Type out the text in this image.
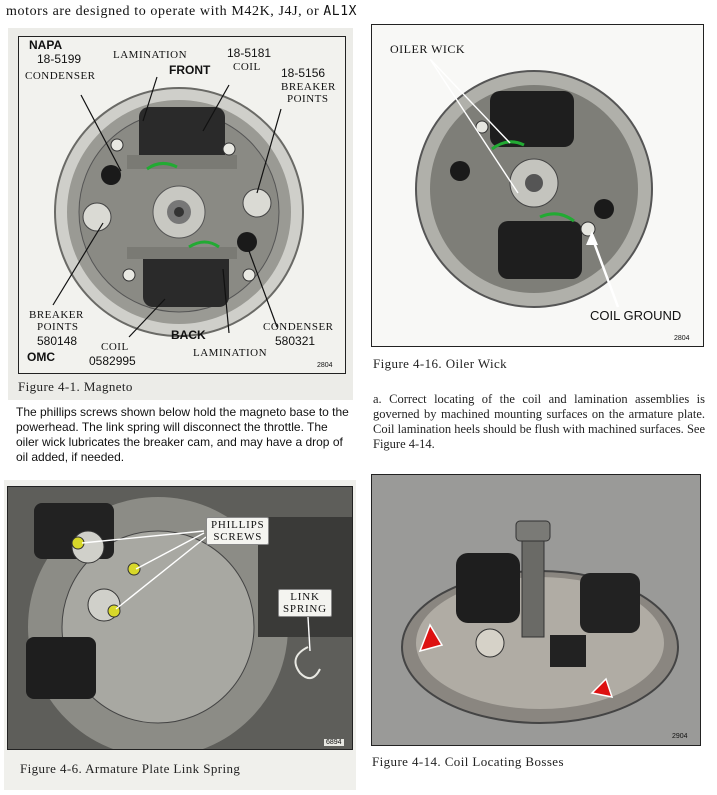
motors are designed to operate with M42K, J4J, or AL1X
NAPA
2804
18-5199
CONDENSER
LAMINATION
FRONT
18-5181
COIL 18-5156
BREAKER
POINTS
BREAKER
POINTS
580148
OMC
COIL
0582995
BACK
CONDENSER
580321
LAMINATION
Figure 4-1. Magneto
OILER WICK
COIL GROUND
2804
Figure 4-16. Oiler Wick
The phillips screws shown below hold the magneto base to the powerhead. The link spring will disconnect the throttle. The oiler wick lubricates the breaker cam, and may have a drop of oil added, if needed.
a. Correct locating of the coil and lamination assemblies is governed by machined mounting surfaces on the armature plate. Coil lamination heels should be flush with machined surfaces. See Figure 4-14.
PHILLIPS
SCREWS
LINK
SPRING
6894
Figure 4-6. Armature Plate Link Spring
2904
Figure 4-14. Coil Locating Bosses
